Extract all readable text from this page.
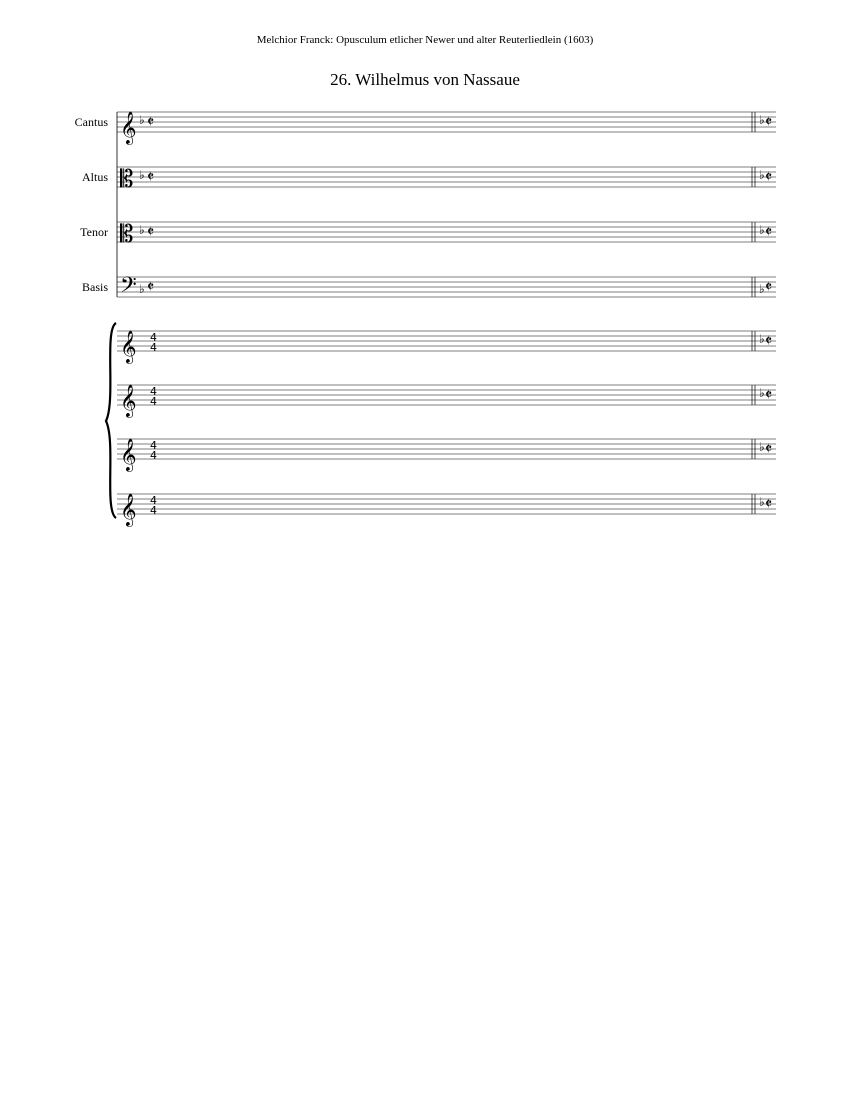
Melchior Franck: Opusculum etlicher Newer und alter Reuterliedlein (1603)
26. Wilhelmus von Nassaue
Cantus
Altus
Tenor
Basis
𝄞 ♭ 𝄵	♭ 𝄵
𝄡 ♭ 𝄵	♭ 𝄵
𝄡 ♭ 𝄵	♭ 𝄵
𝄢 ♭ 𝄵	♭ 𝄵
𝄞 4
4
♭ 𝄵
𝄞 4
4
♭ 𝄵
𝄞 4
4
♭ 𝄵
𝄞 4
4
♭ 𝄵
